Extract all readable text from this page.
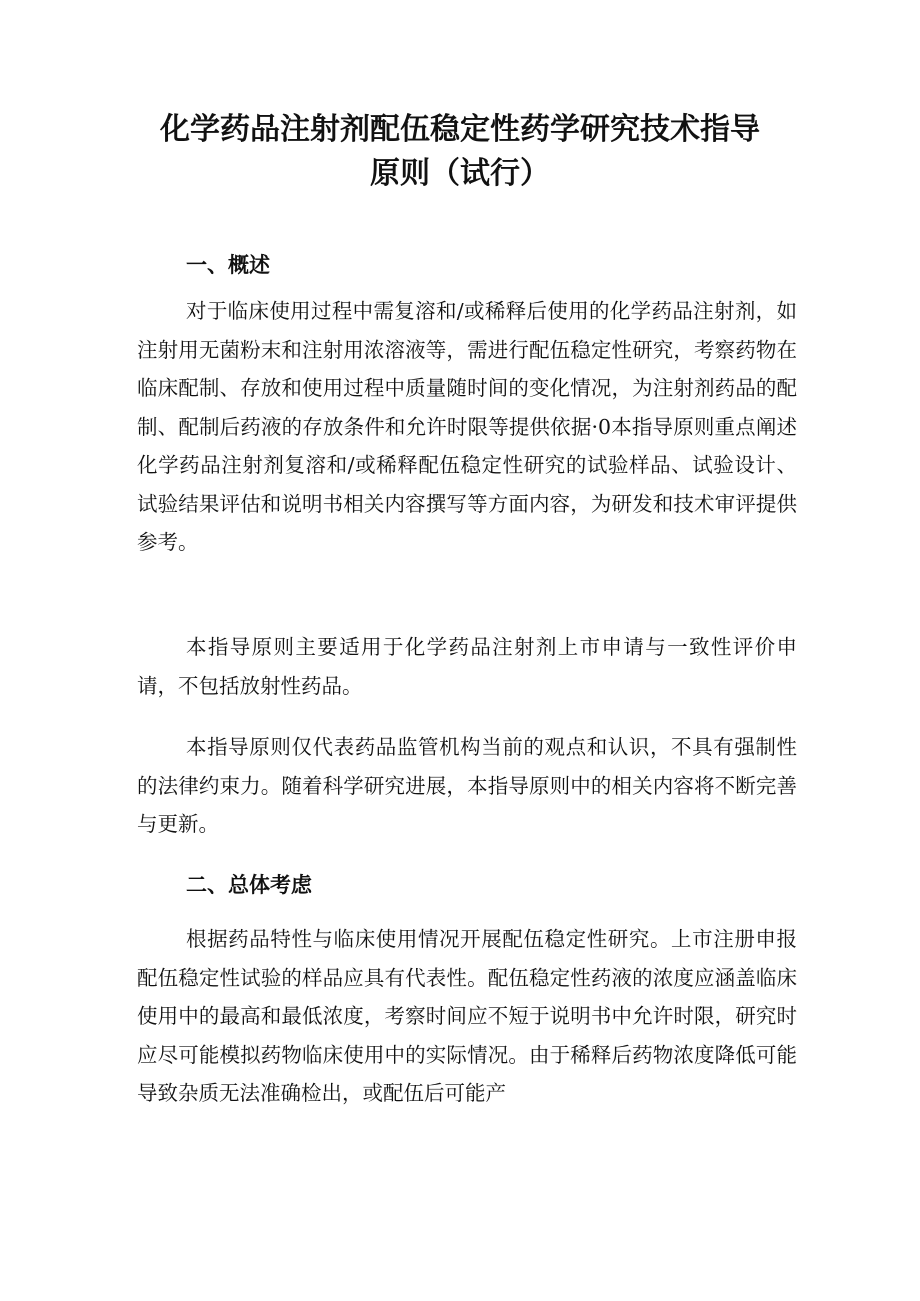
化学药品注射剂配伍稳定性药学研究技术指导
原则（试行）
一、概述

对于临床使用过程中需复溶和/或稀释后使用的化学药品注射剂，如注射用无菌粉末和注射用浓溶液等，需进行配伍稳定性研究，考察药物在临床配制、存放和使用过程中质量随时间的变化情况，为注射剂药品的配制、配制后药液的存放条件和允许时限等提供依据·0本指导原则重点阐述化学药品注射剂复溶和/或稀释配伍稳定性研究的试验样品、试验设计、试验结果评估和说明书相关内容撰写等方面内容，为研发和技术审评提供参考。

本指导原则主要适用于化学药品注射剂上市申请与一致性评价申请，不包括放射性药品。

本指导原则仅代表药品监管机构当前的观点和认识，不具有强制性的法律约束力。随着科学研究进展，本指导原则中的相关内容将不断完善与更新。

二、总体考虑

根据药品特性与临床使用情况开展配伍稳定性研究。上市注册申报配伍稳定性试验的样品应具有代表性。配伍稳定性药液的浓度应涵盖临床使用中的最高和最低浓度，考察时间应不短于说明书中允许时限，研究时应尽可能模拟药物临床使用中的实际情况。由于稀释后药物浓度降低可能导致杂质无法准确检出，或配伍后可能产
